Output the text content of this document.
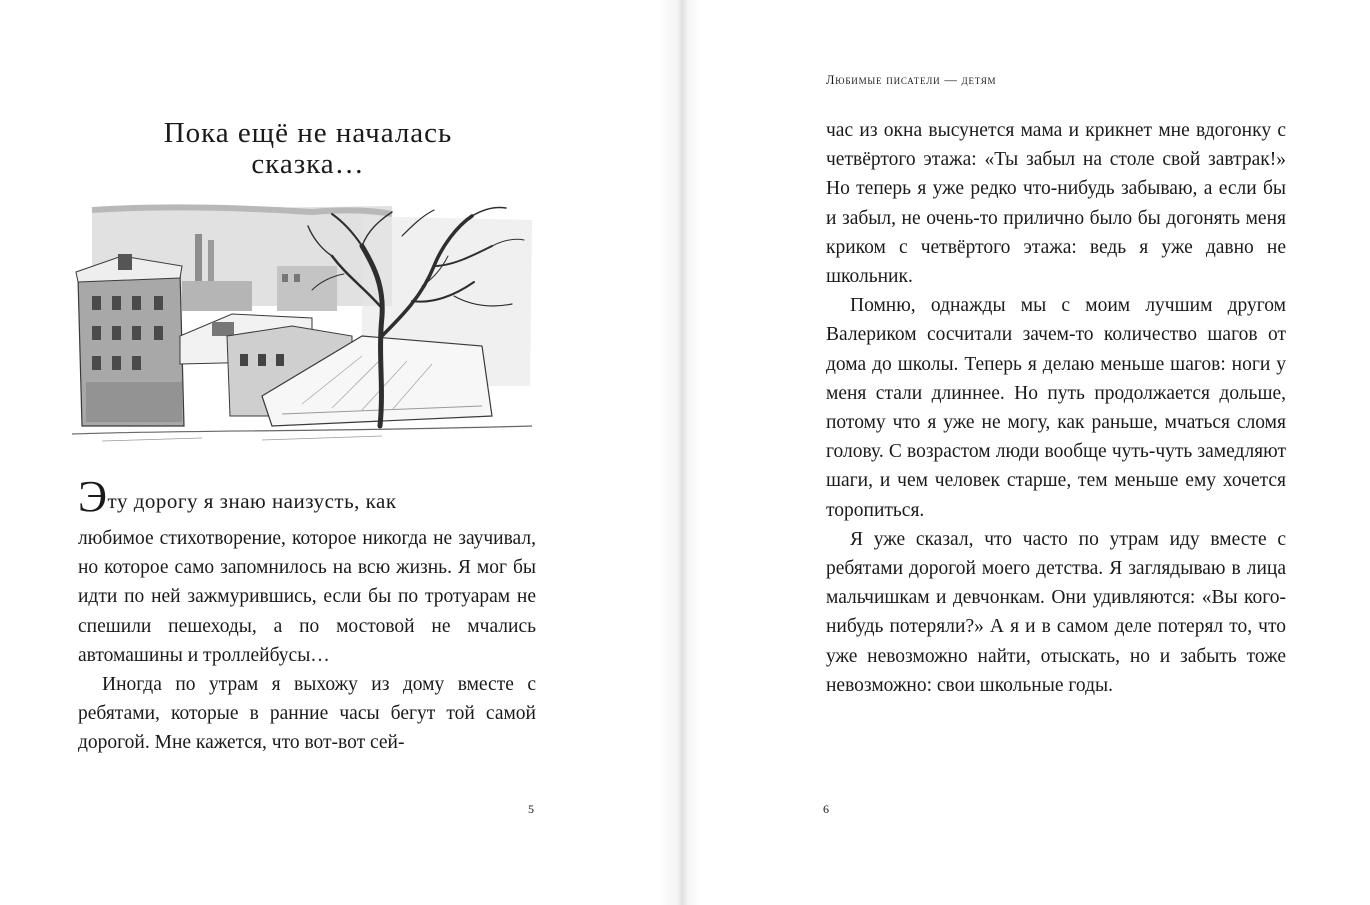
Пока ещё не началась
сказка…

Эту дорогу я знаю наизусть, как

любимое стихотворение, которое никогда не заучивал, но которое само запомнилось на всю жизнь. Я мог бы идти по ней зажмурившись, если бы по тротуарам не спешили пешеходы, а по мостовой не мчались автомашины и троллейбусы…

Иногда по утрам я выхожу из дому вместе с ребятами, которые в ранние часы бегут той самой дорогой. Мне кажется, что вот-вот сей-

5

Любимые писатели — детям

час из окна высунется мама и крикнет мне вдогонку с четвёртого этажа: «Ты забыл на столе свой завтрак!» Но теперь я уже редко что-нибудь забываю, а если бы и забыл, не очень-то прилично было бы догонять меня криком с четвёртого этажа: ведь я уже давно не школьник.

Помню, однажды мы с моим лучшим другом Валериком сосчитали зачем-то количество шагов от дома до школы. Теперь я делаю меньше шагов: ноги у меня стали длиннее. Но путь продолжается дольше, потому что я уже не могу, как раньше, мчаться сломя голову. С возрастом люди вообще чуть-чуть замедляют шаги, и чем человек старше, тем меньше ему хочется торопиться.

Я уже сказал, что часто по утрам иду вместе с ребятами дорогой моего детства. Я заглядываю в лица мальчишкам и девчонкам. Они удивляются: «Вы кого-нибудь потеряли?» А я и в самом деле потерял то, что уже невозможно найти, отыскать, но и забыть тоже невозможно: свои школьные годы.

6
